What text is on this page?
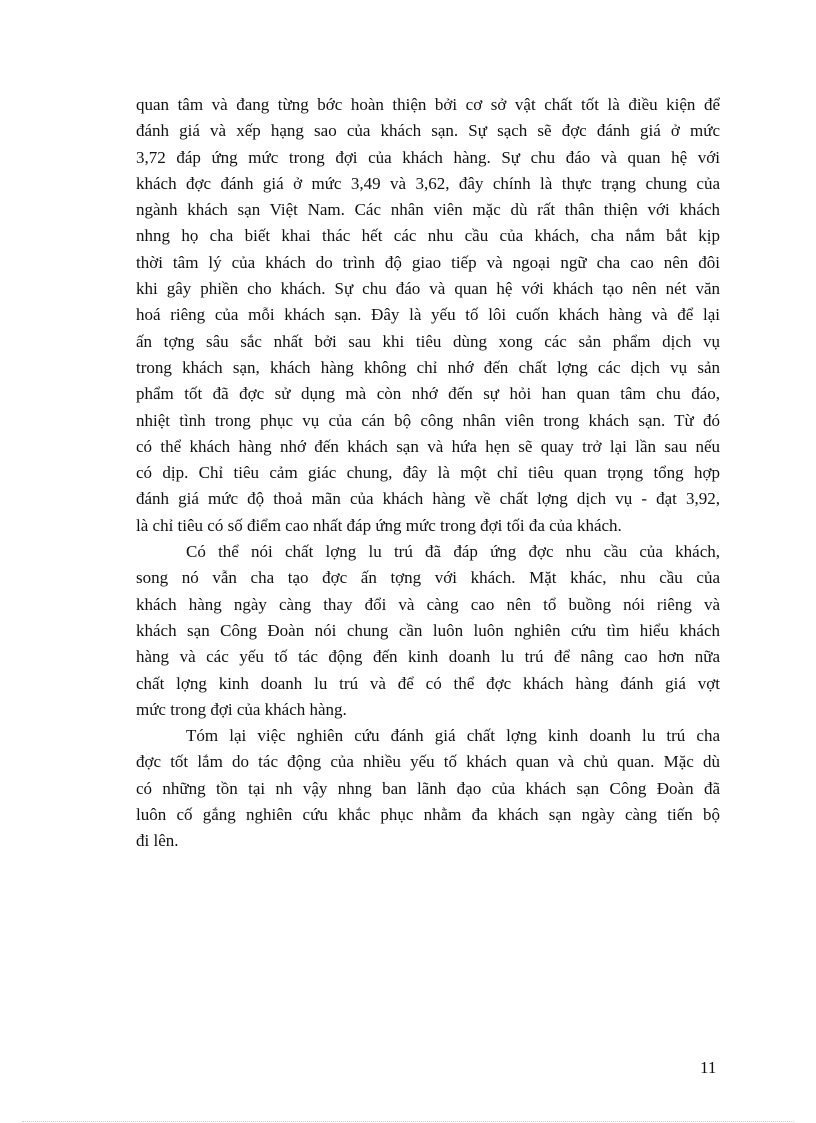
quan tâm và đang từng bớc hoàn thiện bởi cơ sở vật chất tốt là điều kiện để
đánh giá và xếp hạng sao của khách sạn. Sự sạch sẽ đợc đánh giá ở mức
3,72 đáp ứng mức trong đợi của khách hàng. Sự chu đáo và quan hệ với
khách đợc đánh giá ở mức 3,49 và 3,62, đây chính là thực trạng chung của
ngành khách sạn Việt Nam. Các nhân viên mặc dù rất thân thiện với khách
nhng họ cha biết khai thác hết các nhu cầu của khách, cha nắm bắt kịp
thời tâm lý của khách do trình độ giao tiếp và ngoại ngữ cha cao nên đôi
khi gây phiền cho khách. Sự chu đáo và quan hệ với khách tạo nên nét văn
hoá riêng của mỗi khách sạn. Đây là yếu tố lôi cuốn khách hàng và để lại
ấn tợng sâu sắc nhất bởi sau khi tiêu dùng xong các sản phẩm dịch vụ
trong khách sạn, khách hàng không chỉ nhớ đến chất lợng các dịch vụ sản
phẩm tốt đã đợc sử dụng mà còn nhớ đến sự hỏi han quan tâm chu đáo,
nhiệt tình trong phục vụ của cán bộ công nhân viên trong khách sạn. Từ đó
có thể khách hàng nhớ đến khách sạn và hứa hẹn sẽ quay trở lại lần sau nếu
có dịp. Chỉ tiêu cảm giác chung, đây là một chỉ tiêu quan trọng tổng hợp
đánh giá mức độ thoả mãn của khách hàng về chất lợng dịch vụ - đạt 3,92,
là chỉ tiêu có số điểm cao nhất đáp ứng mức trong đợi tối đa của khách.
Có thể nói chất lợng lu trú đã đáp ứng đợc nhu cầu của khách,
song nó vẫn cha tạo đợc ấn tợng với khách. Mặt khác, nhu cầu của
khách hàng ngày càng thay đổi và càng cao nên tổ buồng nói riêng và
khách sạn Công Đoàn nói chung cần luôn luôn nghiên cứu tìm hiểu khách
hàng và các yếu tố tác động đến kinh doanh lu trú để nâng cao hơn nữa
chất lợng kinh doanh lu trú và để có thể đợc khách hàng đánh giá vợt
mức trong đợi của khách hàng.
Tóm lại việc nghiên cứu đánh giá chất lợng kinh doanh lu trú cha
đợc tốt lắm do tác động của nhiều yếu tố khách quan và chủ quan. Mặc dù
có những tồn tại nh vậy nhng ban lãnh đạo của khách sạn Công Đoàn đã
luôn cố gắng nghiên cứu khắc phục nhằm đa khách sạn ngày càng tiến bộ
đi lên.
11
